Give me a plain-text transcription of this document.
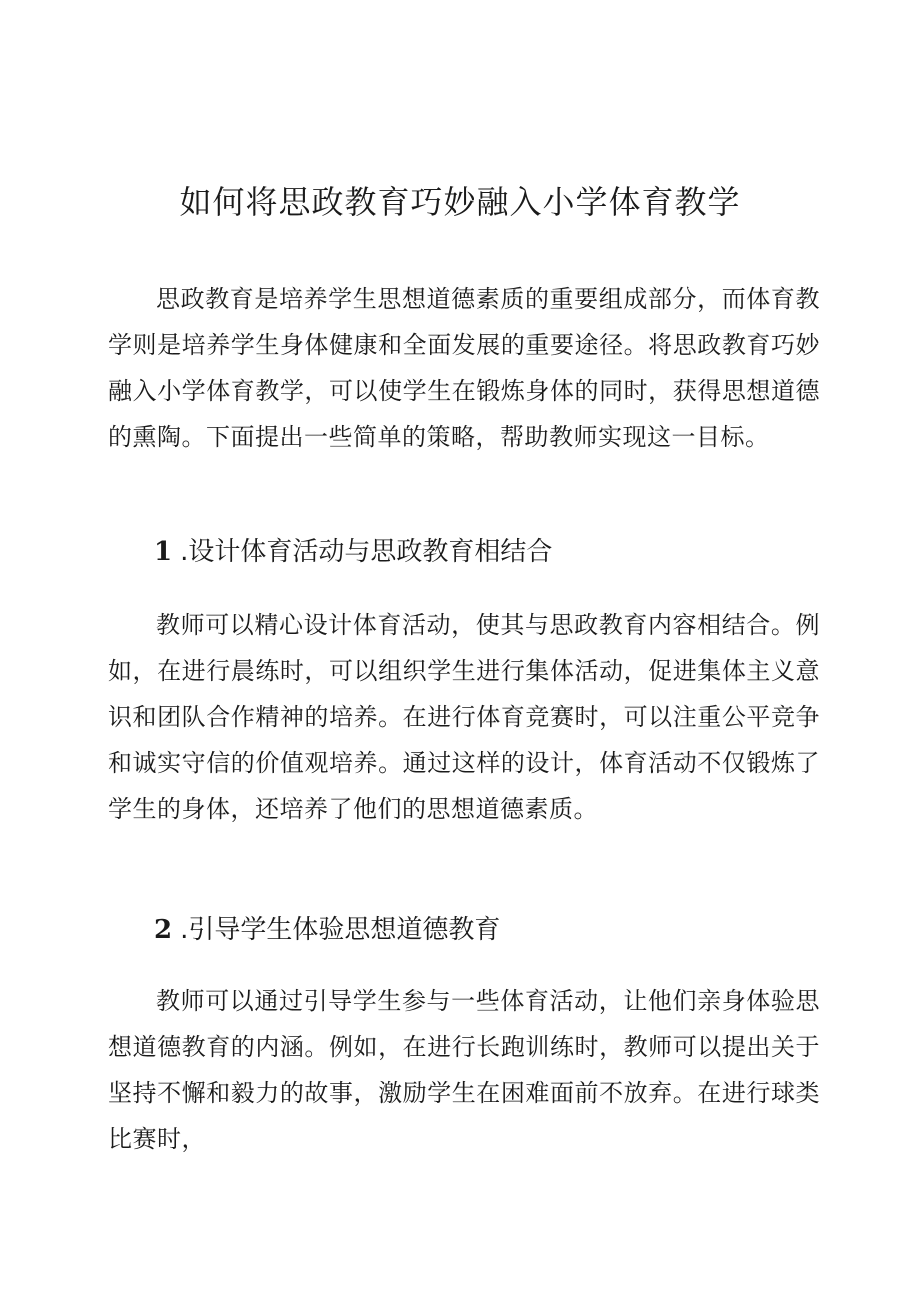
如何将思政教育巧妙融入小学体育教学

思政教育是培养学生思想道德素质的重要组成部分，而体育教学则是培养学生身体健康和全面发展的重要途径。将思政教育巧妙融入小学体育教学，可以使学生在锻炼身体的同时，获得思想道德的熏陶。下面提出一些简单的策略，帮助教师实现这一目标。

1 .设计体育活动与思政教育相结合

教师可以精心设计体育活动，使其与思政教育内容相结合。例如，在进行晨练时，可以组织学生进行集体活动，促进集体主义意识和团队合作精神的培养。在进行体育竞赛时，可以注重公平竞争和诚实守信的价值观培养。通过这样的设计，体育活动不仅锻炼了学生的身体，还培养了他们的思想道德素质。

2 .引导学生体验思想道德教育

教师可以通过引导学生参与一些体育活动，让他们亲身体验思想道德教育的内涵。例如，在进行长跑训练时，教师可以提出关于坚持不懈和毅力的故事，激励学生在困难面前不放弃。在进行球类比赛时，
